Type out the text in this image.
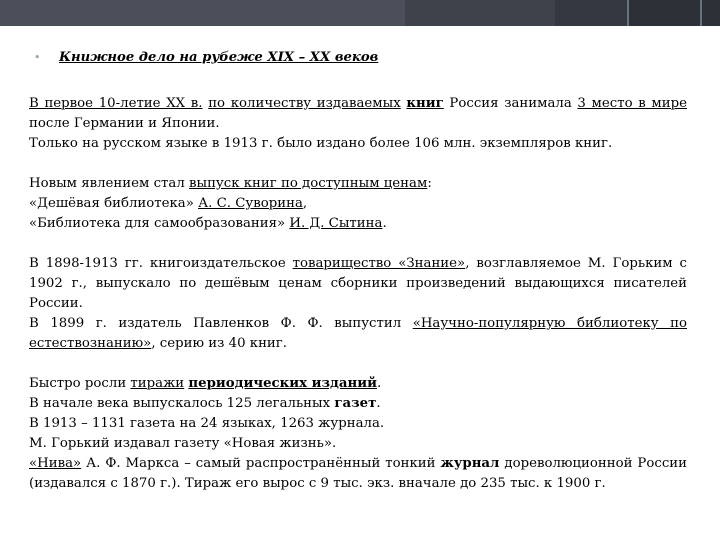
•	Книжное дело на рубеже XIX – XX веков

В первое 10-летие XX в. по количеству издаваемых книг Россия занимала 3 место в мире после Германии и Японии.

Только на русском языке в 1913 г. было издано более 106 млн. экземпляров книг.

Новым явлением стал выпуск книг по доступным ценам:

«Дешёвая библиотека» А. С. Суворина,

«Библиотека для самообразования» И. Д. Сытина.

В 1898-1913 гг. книгоиздательское товарищество «Знание», возглавляемое М. Горьким с 1902 г., выпускало по дешёвым ценам сборники произведений выдающихся писателей России.

В 1899 г. издатель Павленков Ф. Ф. выпустил «Научно-популярную библиотеку по естествознанию», серию из 40 книг.

Быстро росли тиражи периодических изданий.

В начале века выпускалось 125 легальных газет.

В 1913 – 1131 газета на 24 языках, 1263 журнала.

М. Горький издавал газету «Новая жизнь».

«Нива» А. Ф. Маркса – самый распространённый тонкий журнал дореволюционной России (издавался с 1870 г.). Тираж его вырос с 9 тыс. экз. вначале до 235 тыс. к 1900 г.
